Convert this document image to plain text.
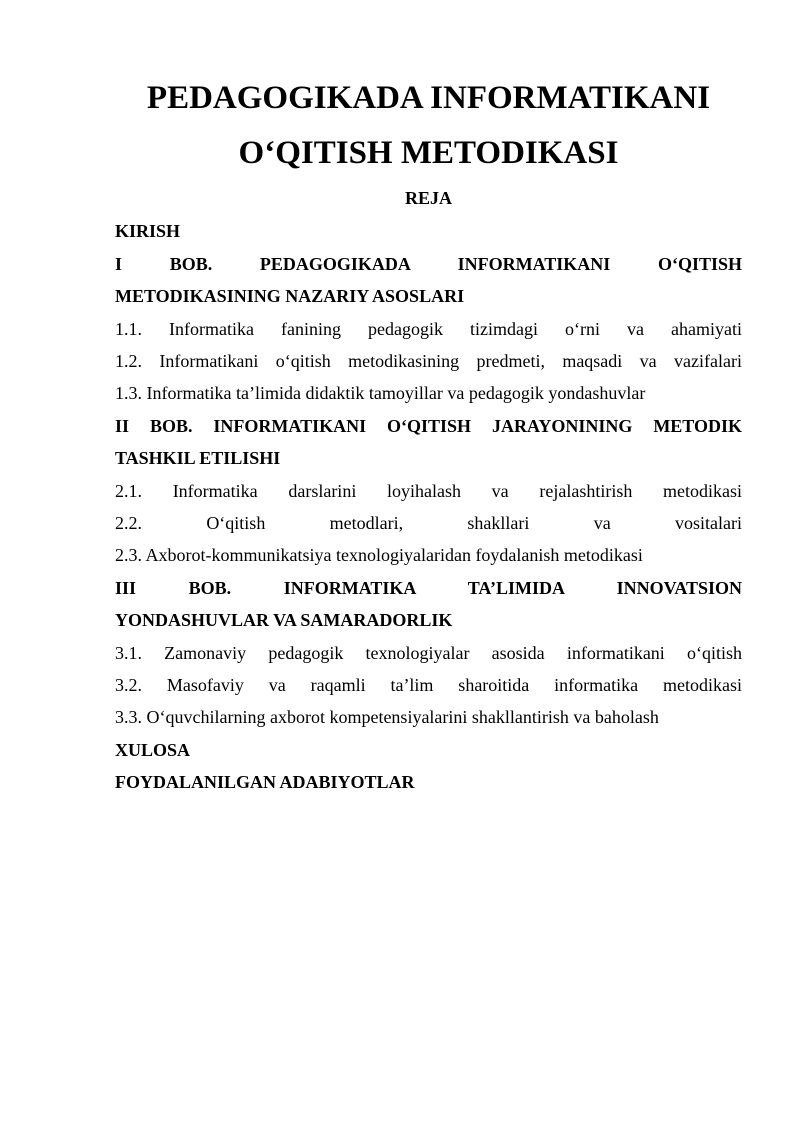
PEDAGOGIKADA INFORMATIKANI
O‘QITISH METODIKASI
REJA
KIRISH
I BOB. PEDAGOGIKADA INFORMATIKANI O‘QITISH
METODIKASINING NAZARIY ASOSLARI
1.1. Informatika fanining pedagogik tizimdagi o‘rni va ahamiyati
1.2. Informatikani o‘qitish metodikasining predmeti, maqsadi va vazifalari
1.3. Informatika ta’limida didaktik tamoyillar va pedagogik yondashuvlar
II BOB. INFORMATIKANI O‘QITISH JARAYONINING METODIK
TASHKIL ETILISHI
2.1. Informatika darslarini loyihalash va rejalashtirish metodikasi
2.2. O‘qitish metodlari, shakllari va vositalari
2.3. Axborot-kommunikatsiya texnologiyalaridan foydalanish metodikasi
III BOB. INFORMATIKA TA’LIMIDA INNOVATSION
YONDASHUVLAR VA SAMARADORLIK
3.1. Zamonaviy pedagogik texnologiyalar asosida informatikani o‘qitish
3.2. Masofaviy va raqamli ta’lim sharoitida informatika metodikasi
3.3. O‘quvchilarning axborot kompetensiyalarini shakllantirish va baholash
XULOSA
FOYDALANILGAN ADABIYOTLAR
